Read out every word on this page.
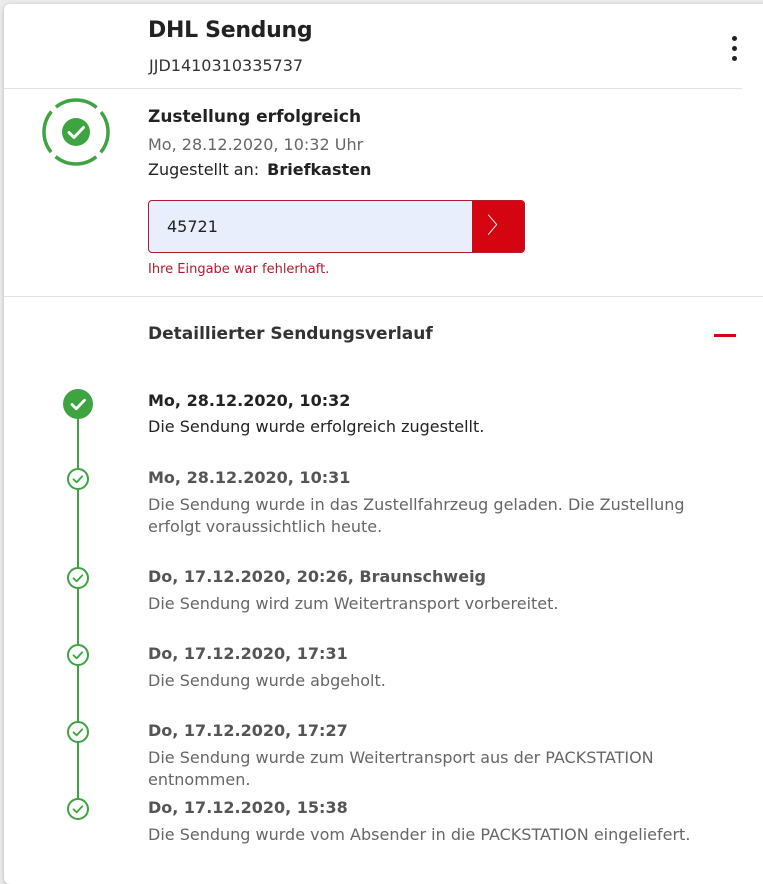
DHL Sendung
JJD1410310335737
Zustellung erfolgreich
Mo, 28.12.2020, 10:32 Uhr
Zugestellt an: Briefkasten
45721
〉
Ihre Eingabe war fehlerhaft.
Detaillierter Sendungsverlauf
Mo, 28.12.2020, 10:32
Die Sendung wurde erfolgreich zugestellt.
Mo, 28.12.2020, 10:31
Die Sendung wurde in das Zustellfahrzeug geladen. Die Zustellung erfolgt voraussichtlich heute.
Do, 17.12.2020, 20:26, Braunschweig
Die Sendung wird zum Weitertransport vorbereitet.
Do, 17.12.2020, 17:31
Die Sendung wurde abgeholt.
Do, 17.12.2020, 17:27
Die Sendung wurde zum Weitertransport aus der PACKSTATION entnommen.
Do, 17.12.2020, 15:38
Die Sendung wurde vom Absender in die PACKSTATION eingeliefert.
